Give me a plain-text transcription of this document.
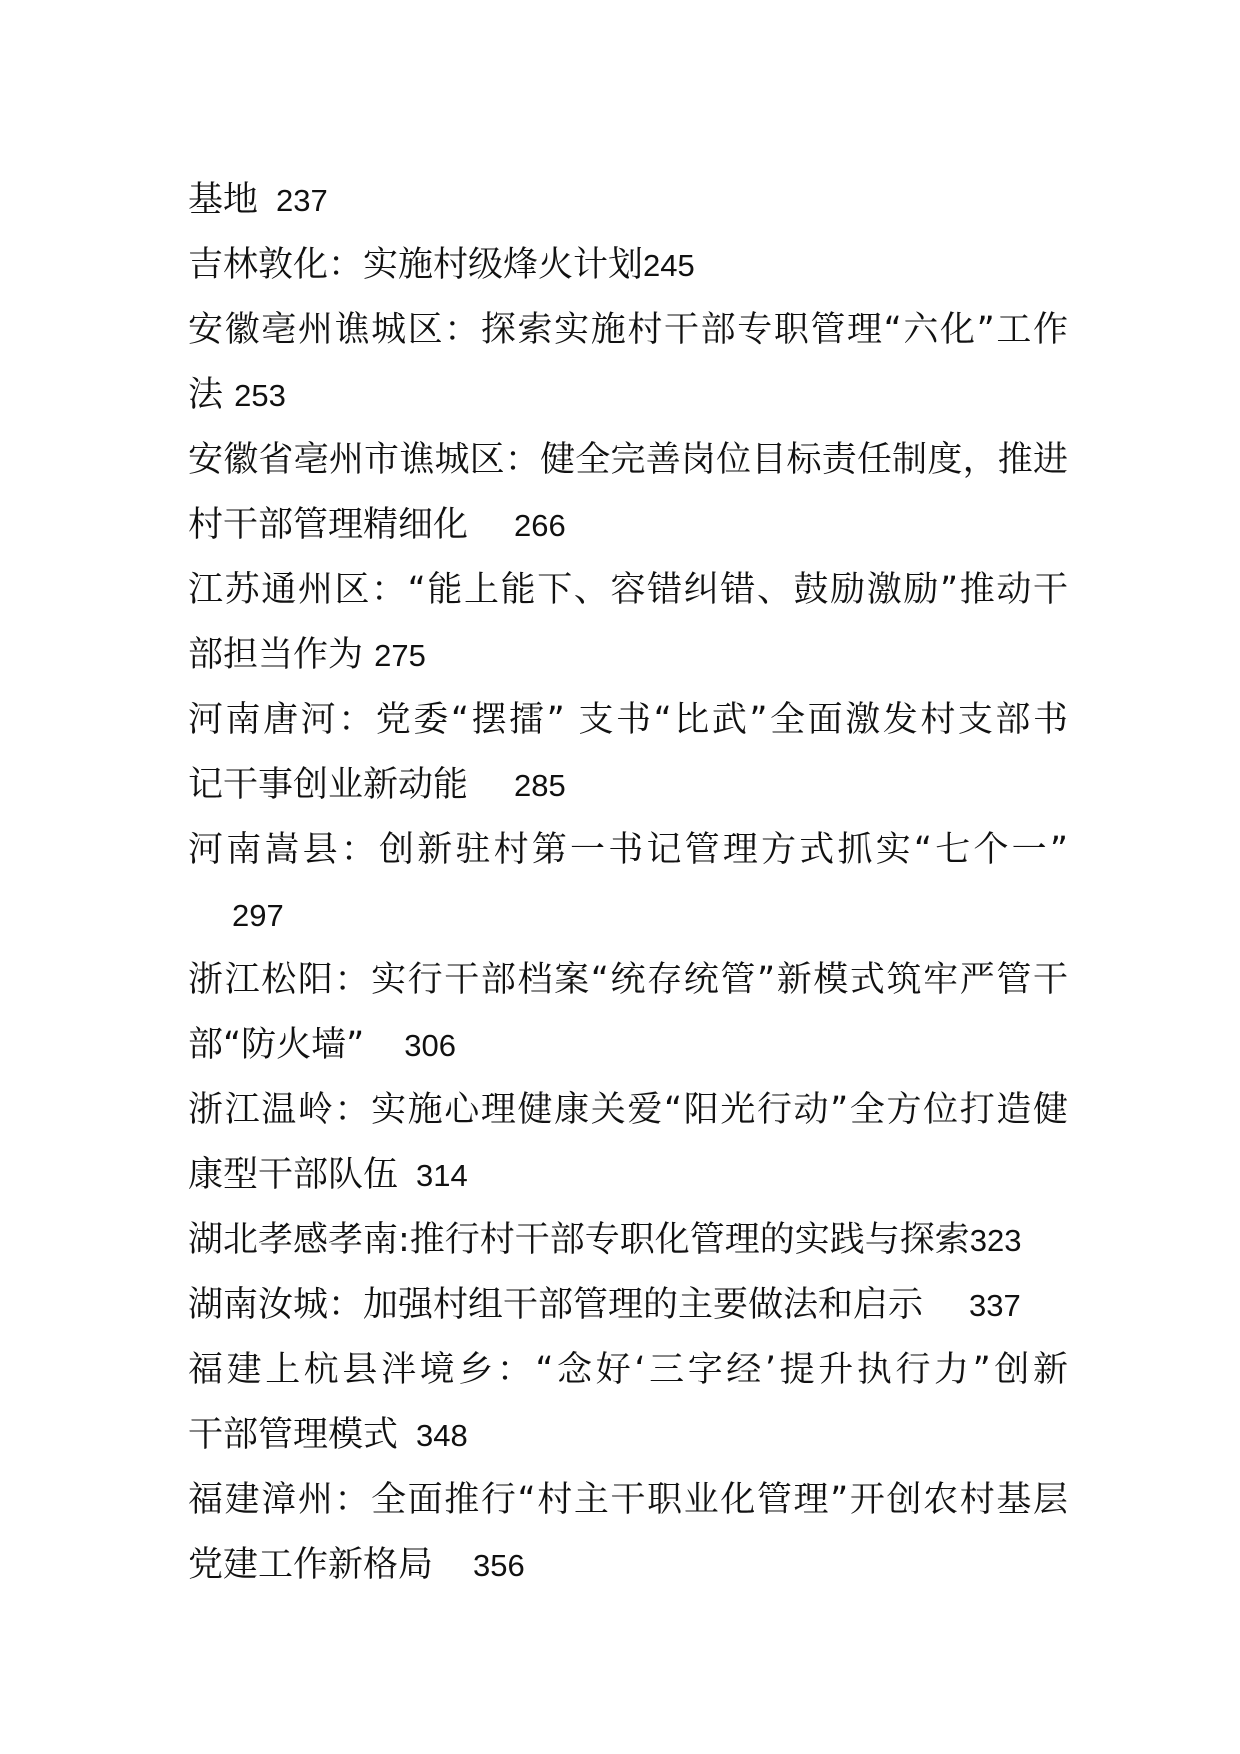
基地 237
吉林敦化：实施村级烽火计划245
安徽亳州谯城区：探索实施村干部专职管理“六化”工作
法 253
安徽省亳州市谯城区：健全完善岗位目标责任制度，推进
村干部管理精细化 266
江苏通州区：“能上能下、容错纠错、鼓励激励”推动干
部担当作为 275
河南唐河：党委“摆擂” 支书“比武”全面激发村支部书
记干事创业新动能 285
河南嵩县：创新驻村第一书记管理方式抓实“七个一”
297
浙江松阳：实行干部档案“统存统管”新模式筑牢严管干
部“防火墙” 306
浙江温岭：实施心理健康关爱“阳光行动”全方位打造健
康型干部队伍 314
湖北孝感孝南:推行村干部专职化管理的实践与探索323
湖南汝城：加强村组干部管理的主要做法和启示 337
福建上杭县泮境乡：“念好‘三字经’提升执行力”创新
干部管理模式 348
福建漳州：全面推行“村主干职业化管理”开创农村基层
党建工作新格局 356
